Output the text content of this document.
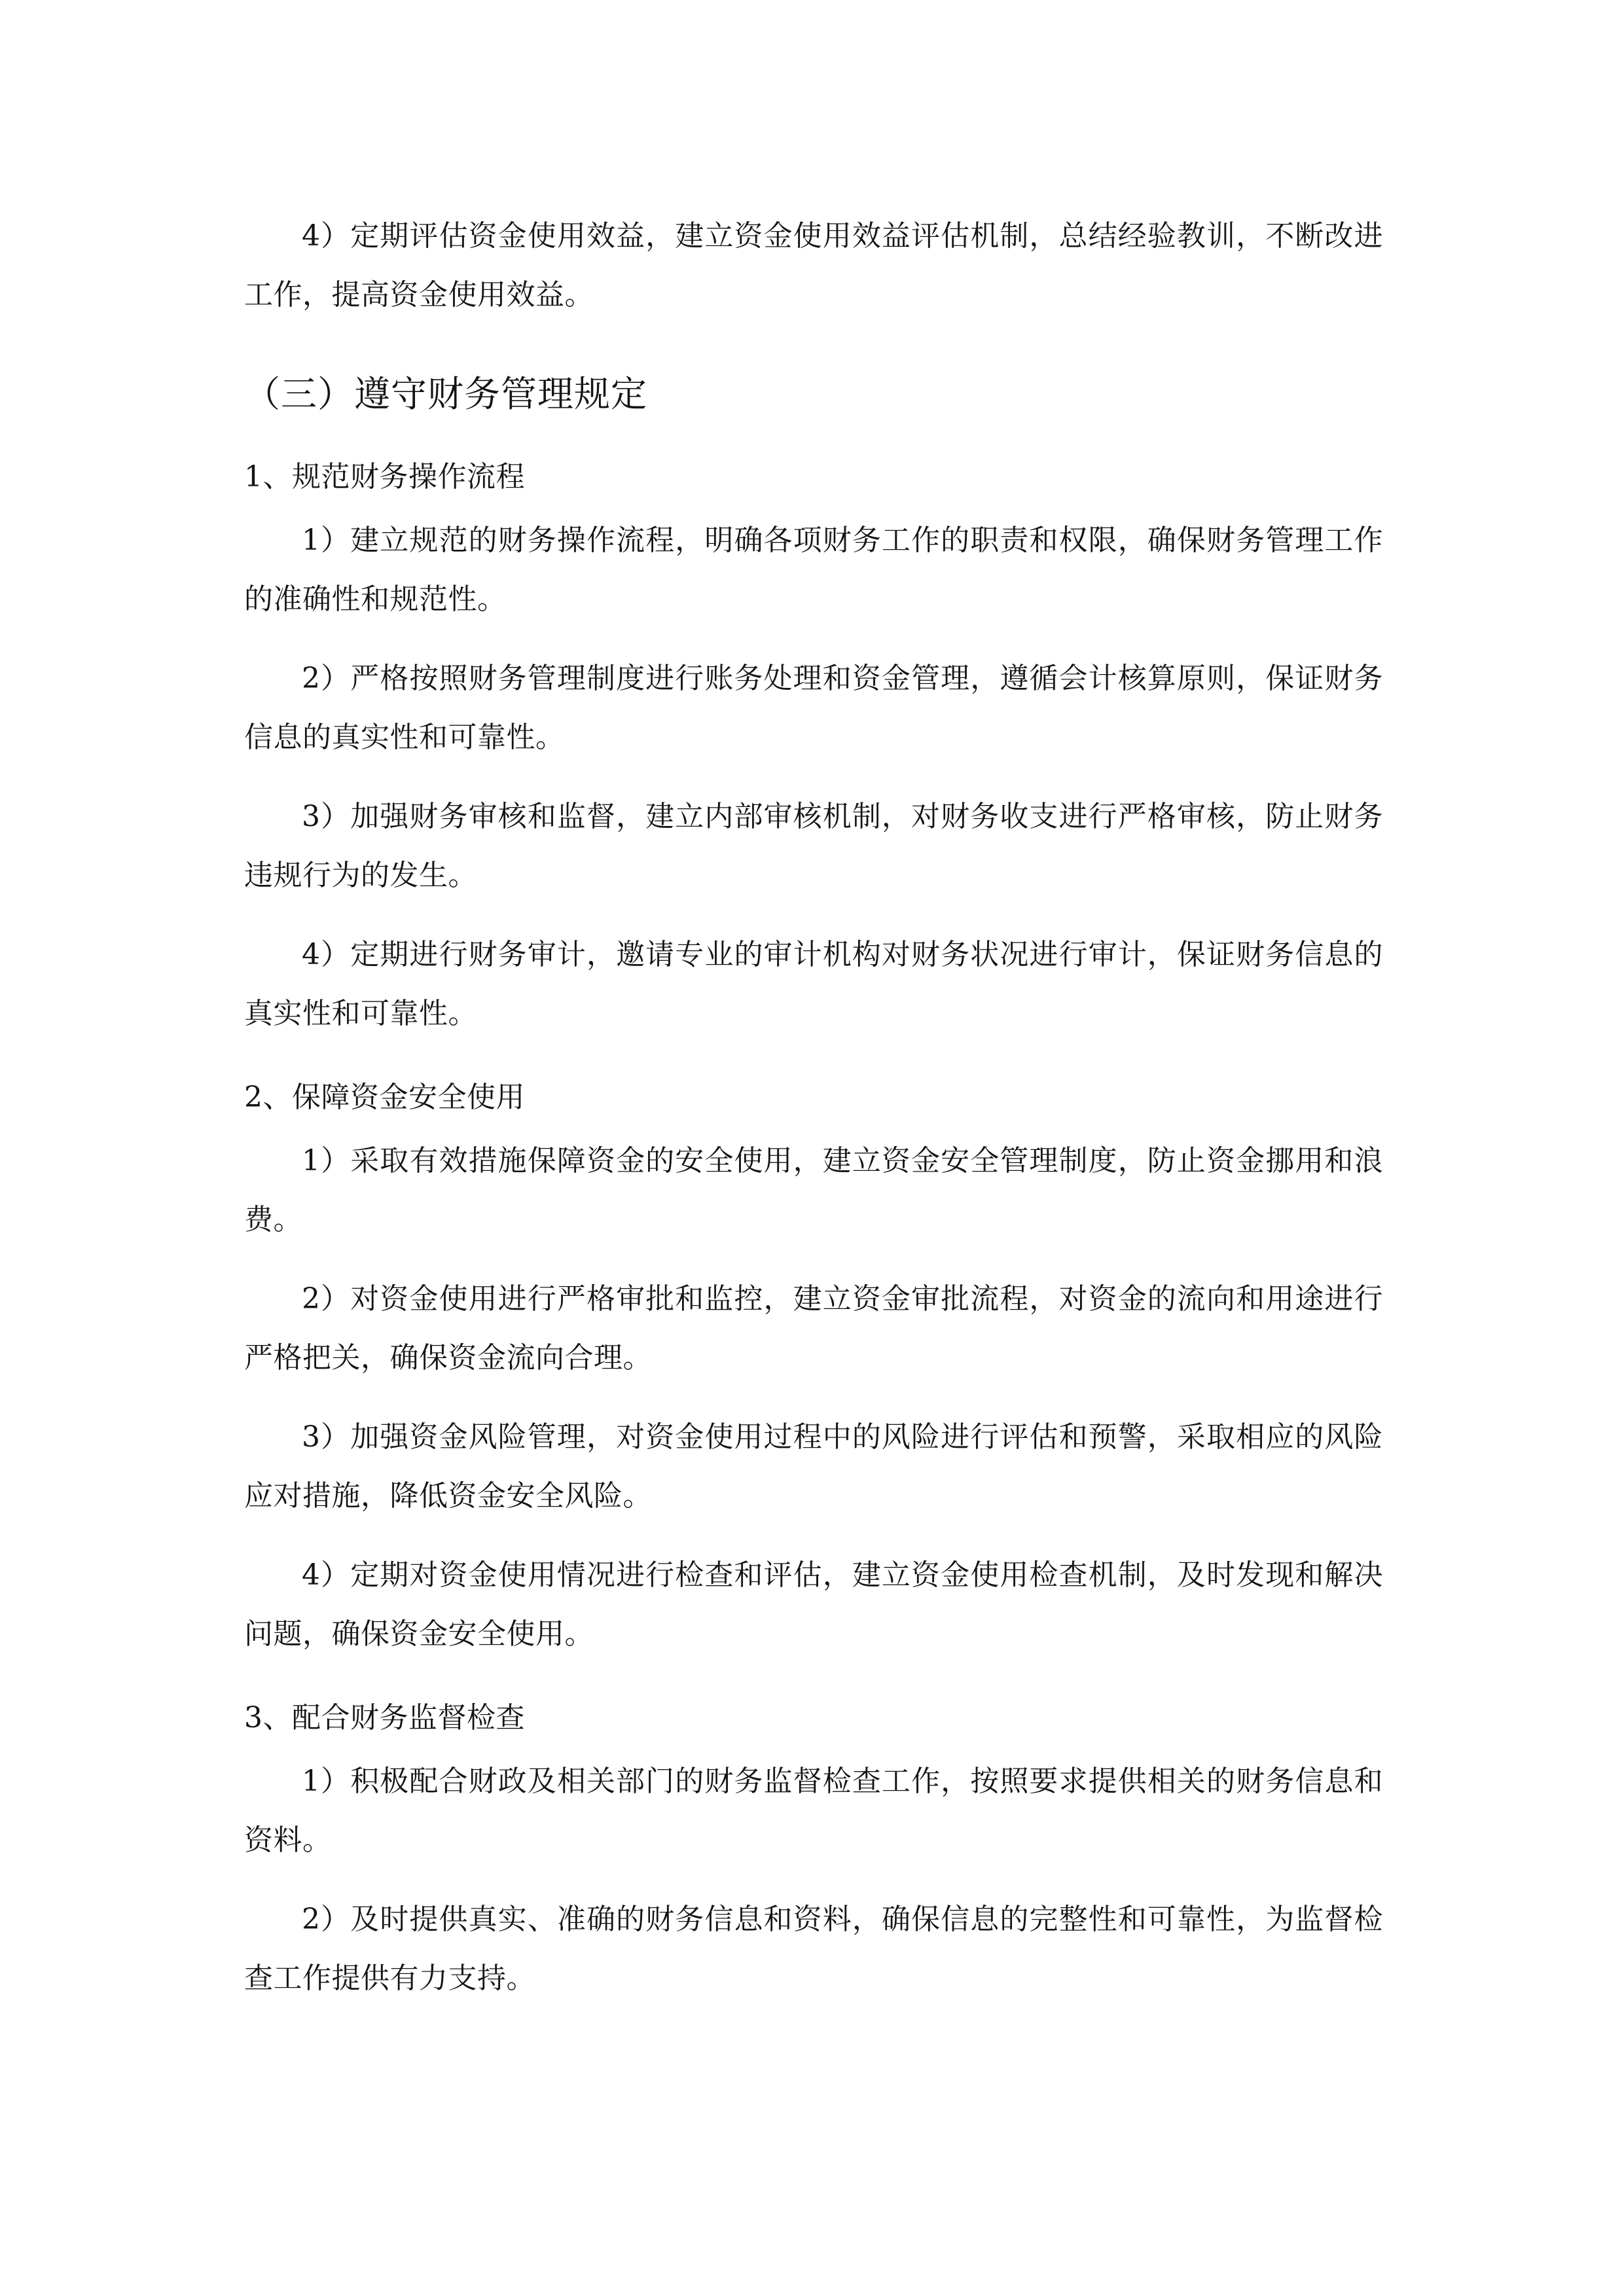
4）定期评估资金使用效益，建立资金使用效益评估机制，总结经验教训，不断改进工作，提高资金使用效益。

（三）遵守财务管理规定

1、规范财务操作流程

1）建立规范的财务操作流程，明确各项财务工作的职责和权限，确保财务管理工作的准确性和规范性。

2）严格按照财务管理制度进行账务处理和资金管理，遵循会计核算原则，保证财务信息的真实性和可靠性。

3）加强财务审核和监督，建立内部审核机制，对财务收支进行严格审核，防止财务违规行为的发生。

4）定期进行财务审计，邀请专业的审计机构对财务状况进行审计，保证财务信息的真实性和可靠性。

2、保障资金安全使用

1）采取有效措施保障资金的安全使用，建立资金安全管理制度，防止资金挪用和浪费。

2）对资金使用进行严格审批和监控，建立资金审批流程，对资金的流向和用途进行严格把关，确保资金流向合理。

3）加强资金风险管理，对资金使用过程中的风险进行评估和预警，采取相应的风险应对措施，降低资金安全风险。

4）定期对资金使用情况进行检查和评估，建立资金使用检查机制，及时发现和解决问题，确保资金安全使用。

3、配合财务监督检查

1）积极配合财政及相关部门的财务监督检查工作，按照要求提供相关的财务信息和资料。

2）及时提供真实、准确的财务信息和资料，确保信息的完整性和可靠性，为监督检查工作提供有力支持。
